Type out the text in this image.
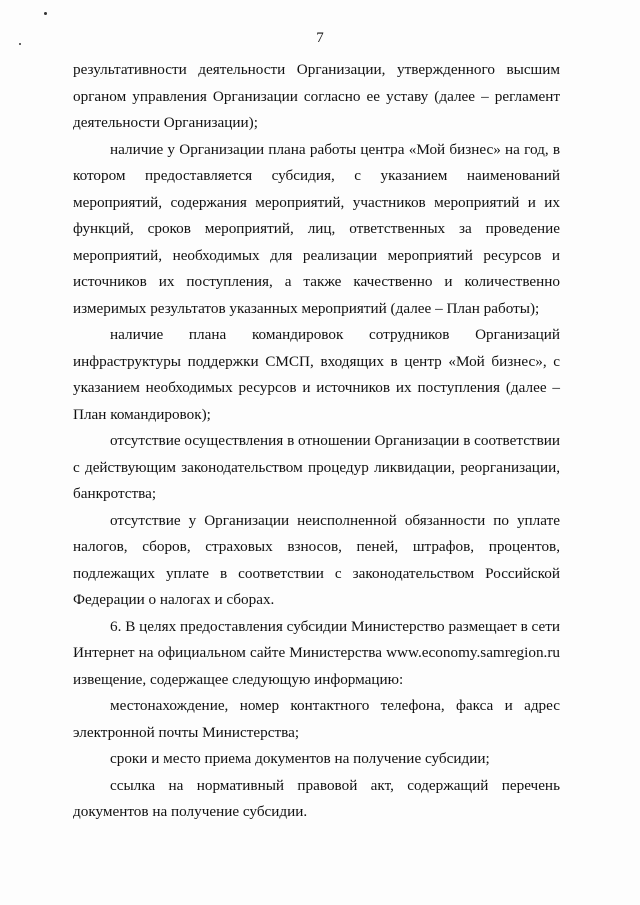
7

результативности деятельности Организации, утвержденного высшим органом управления Организации согласно ее уставу (далее – регламент деятельности Организации);

наличие у Организации плана работы центра «Мой бизнес» на год, в котором предоставляется субсидия, с указанием наименований мероприятий, содержания мероприятий, участников мероприятий и их функций, сроков мероприятий, лиц, ответственных за проведение мероприятий, необходимых для реализации мероприятий ресурсов и источников их поступления, а также качественно и количественно измеримых результатов указанных мероприятий (далее – План работы);

наличие плана командировок сотрудников Организаций инфраструктуры поддержки СМСП, входящих в центр «Мой бизнес», с указанием необходимых ресурсов и источников их поступления (далее – План командировок);

отсутствие осуществления в отношении Организации в соответствии с действующим законодательством процедур ликвидации, реорганизации, банкротства;

отсутствие у Организации неисполненной обязанности по уплате налогов, сборов, страховых взносов, пеней, штрафов, процентов, подлежащих уплате в соответствии с законодательством Российской Федерации о налогах и сборах.

6. В целях предоставления субсидии Министерство размещает в сети Интернет на официальном сайте Министерства www.economy.samregion.ru извещение, содержащее следующую информацию:

местонахождение, номер контактного телефона, факса и адрес электронной почты Министерства;

сроки и место приема документов на получение субсидии;

ссылка на нормативный правовой акт, содержащий перечень документов на получение субсидии.
